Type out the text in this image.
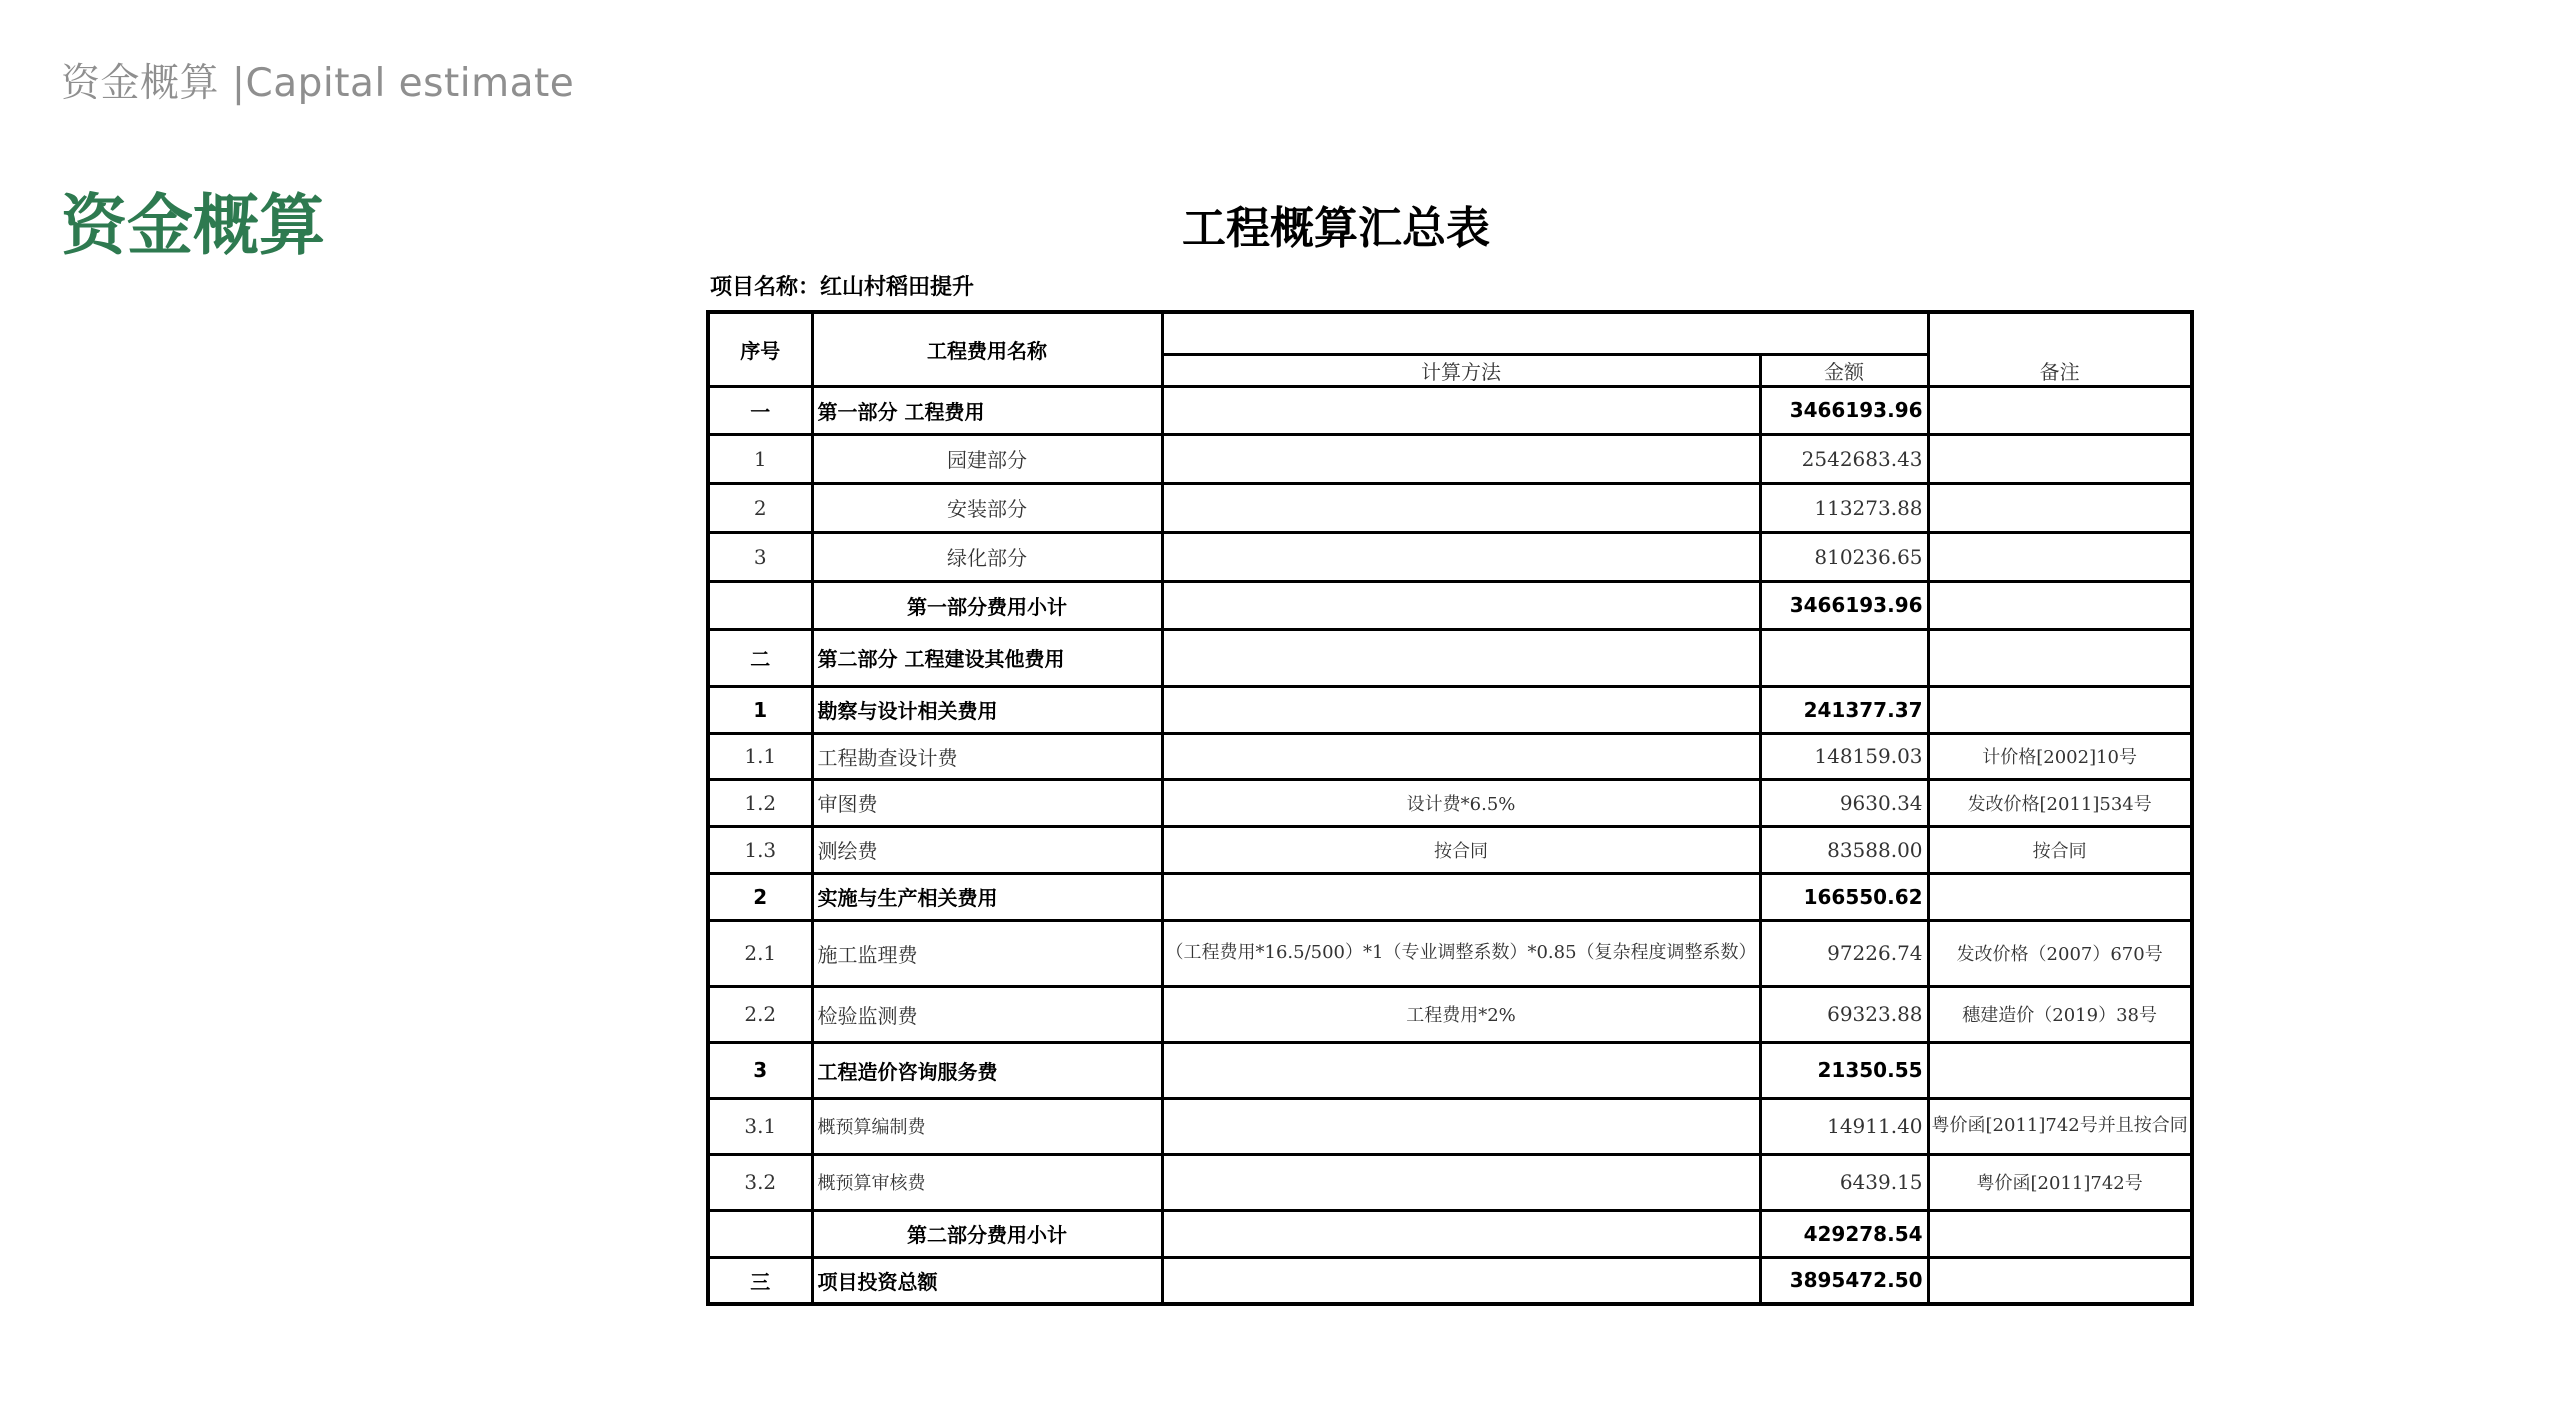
资金概算 |Capital estimate
资金概算	工程概算汇总表
项目名称：红山村稻田提升
序号	工程费用名称			备注
		计算方法	金额	
一	第一部分 工程费用		3466193.96	
1	园建部分		2542683.43	
2	安装部分		113273.88	
3	绿化部分		810236.65	
	第一部分费用小计		3466193.96	
二	第二部分 工程建设其他费用			
1	勘察与设计相关费用		241377.37	
1.1	工程勘查设计费		148159.03	计价格[2002]10号
1.2	审图费	设计费*6.5%	9630.34	发改价格[2011]534号
1.3	测绘费	按合同	83588.00	按合同
2	实施与生产相关费用		166550.62	
2.1	施工监理费	（工程费用*16.5/500）*1（专业调整系数）*0.85（复杂程度调整系数）	97226.74	发改价格（2007）670号
2.2	检验监测费	工程费用*2%	69323.88	穗建造价（2019）38号
3	工程造价咨询服务费		21350.55	
3.1	概预算编制费		14911.40	粤价函[2011]742号并且按合同
3.2	概预算审核费		6439.15	粤价函[2011]742号
	第二部分费用小计		429278.54	
三	项目投资总额		3895472.50	
